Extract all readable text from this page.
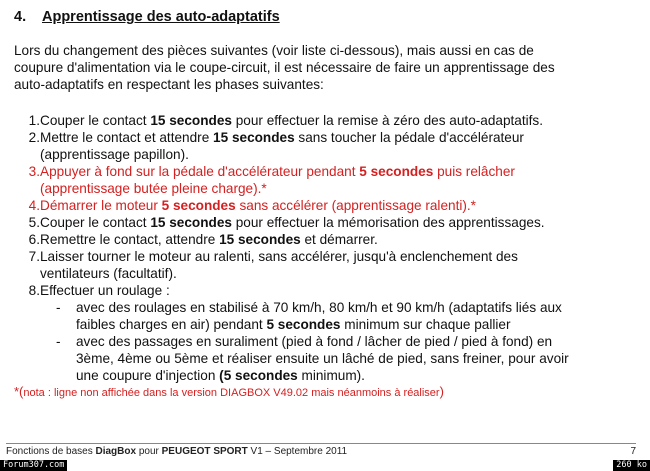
4. Apprentissage des auto-adaptatifs
Lors du changement des pièces suivantes (voir liste ci-dessous), mais aussi en cas de
coupure d'alimentation via le coupe-circuit, il est nécessaire de faire un apprentissage des
auto-adaptatifs en respectant les phases suivantes:
1. Couper le contact 15 secondes pour effectuer la remise à zéro des auto-adaptatifs.
2. Mettre le contact et attendre 15 secondes sans toucher la pédale d'accélérateur
(apprentissage papillon).
3. Appuyer à fond sur la pédale d'accélérateur pendant 5 secondes puis relâcher
(apprentissage butée pleine charge).*
4. Démarrer le moteur 5 secondes sans accélérer (apprentissage ralenti).*
5. Couper le contact 15 secondes pour effectuer la mémorisation des apprentissages.
6. Remettre le contact, attendre 15 secondes et démarrer.
7. Laisser tourner le moteur au ralenti, sans accélérer, jusqu'à enclenchement des
ventilateurs (facultatif).
8. Effectuer un roulage :
- avec des roulages en stabilisé à 70 km/h, 80 km/h et 90 km/h (adaptatifs liés aux
faibles charges en air) pendant 5 secondes minimum sur chaque pallier
- avec des passages en suraliment (pied à fond / lâcher de pied / pied à fond) en
3ème, 4ème ou 5ème et réaliser ensuite un lâché de pied, sans freiner, pour avoir
une coupure d'injection (5 secondes minimum).
*(nota : ligne non affichée dans la version DIAGBOX V49.02 mais néanmoins à réaliser)
Fonctions de bases DiagBox pour PEUGEOT SPORT V1 – Septembre 2011	7
Forum307.com	260 ko
